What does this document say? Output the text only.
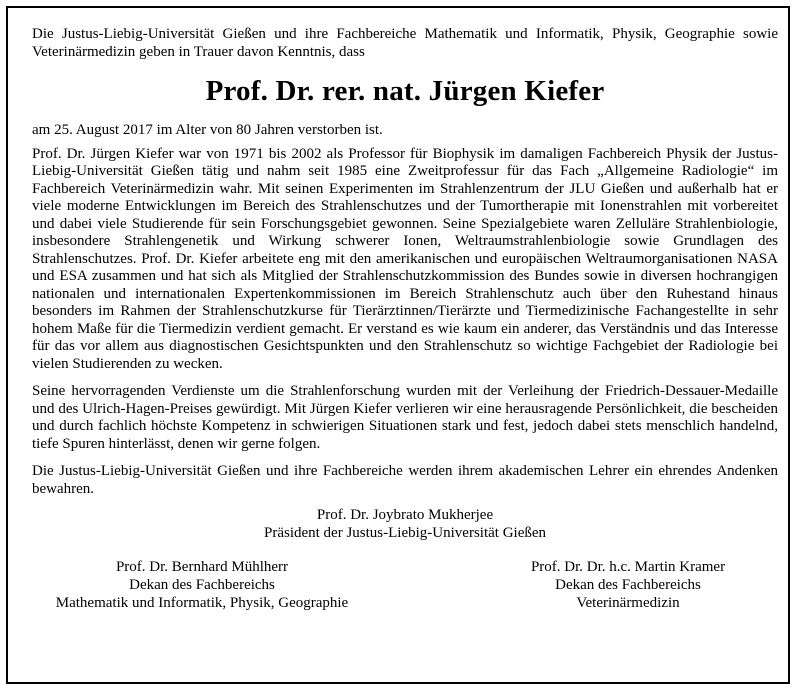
Die Justus-Liebig-Universität Gießen und ihre Fachbereiche Mathematik und Informatik, Physik, Geographie sowie Veterinärmedizin geben in Trauer davon Kenntnis, dass

Prof. Dr. rer. nat. Jürgen Kiefer

am 25. August 2017 im Alter von 80 Jahren verstorben ist.

Prof. Dr. Jürgen Kiefer war von 1971 bis 2002 als Professor für Biophysik im damaligen Fachbereich Physik der Justus-Liebig-Universität Gießen tätig und nahm seit 1985 eine Zweitprofessur für das Fach „Allgemeine Radiologie“ im Fachbereich Veterinärmedizin wahr. Mit seinen Experimenten im Strahlenzentrum der JLU Gießen und außerhalb hat er viele moderne Entwicklungen im Bereich des Strahlenschutzes und der Tumortherapie mit Ionenstrahlen mit vorbereitet und dabei viele Studierende für sein Forschungsgebiet gewonnen. Seine Spezialgebiete waren Zelluläre Strahlenbiologie, insbesondere Strahlengenetik und Wirkung schwerer Ionen, Weltraumstrahlenbiologie sowie Grundlagen des Strahlenschutzes. Prof. Dr. Kiefer arbeitete eng mit den amerikanischen und europäischen Weltraumorganisationen NASA und ESA zusammen und hat sich als Mitglied der Strahlenschutzkommission des Bundes sowie in diversen hochrangigen nationalen und internationalen Expertenkommissionen im Bereich Strahlenschutz auch über den Ruhestand hinaus besonders im Rahmen der Strahlenschutzkurse für Tierärztinnen/Tierärzte und Tiermedizinische Fachangestellte in sehr hohem Maße für die Tiermedizin verdient gemacht. Er verstand es wie kaum ein anderer, das Verständnis und das Interesse für das vor allem aus diagnostischen Gesichtspunkten und den Strahlenschutz so wichtige Fachgebiet der Radiologie bei vielen Studierenden zu wecken.

Seine hervorragenden Verdienste um die Strahlenforschung wurden mit der Verleihung der Friedrich-Dessauer-Medaille und des Ulrich-Hagen-Preises gewürdigt. Mit Jürgen Kiefer verlieren wir eine herausragende Persönlichkeit, die bescheiden und durch fachlich höchste Kompetenz in schwierigen Situationen stark und fest, jedoch dabei stets menschlich handelnd, tiefe Spuren hinterlässt, denen wir gerne folgen.

Die Justus-Liebig-Universität Gießen und ihre Fachbereiche werden ihrem akademischen Lehrer ein ehrendes Andenken bewahren.

Prof. Dr. Joybrato Mukherjee
Präsident der Justus-Liebig-Universität Gießen
Prof. Dr. Bernhard Mühlherr
Dekan des Fachbereichs
Mathematik und Informatik, Physik, Geographie
Prof. Dr. Dr. h.c. Martin Kramer
Dekan des Fachbereichs
Veterinärmedizin
